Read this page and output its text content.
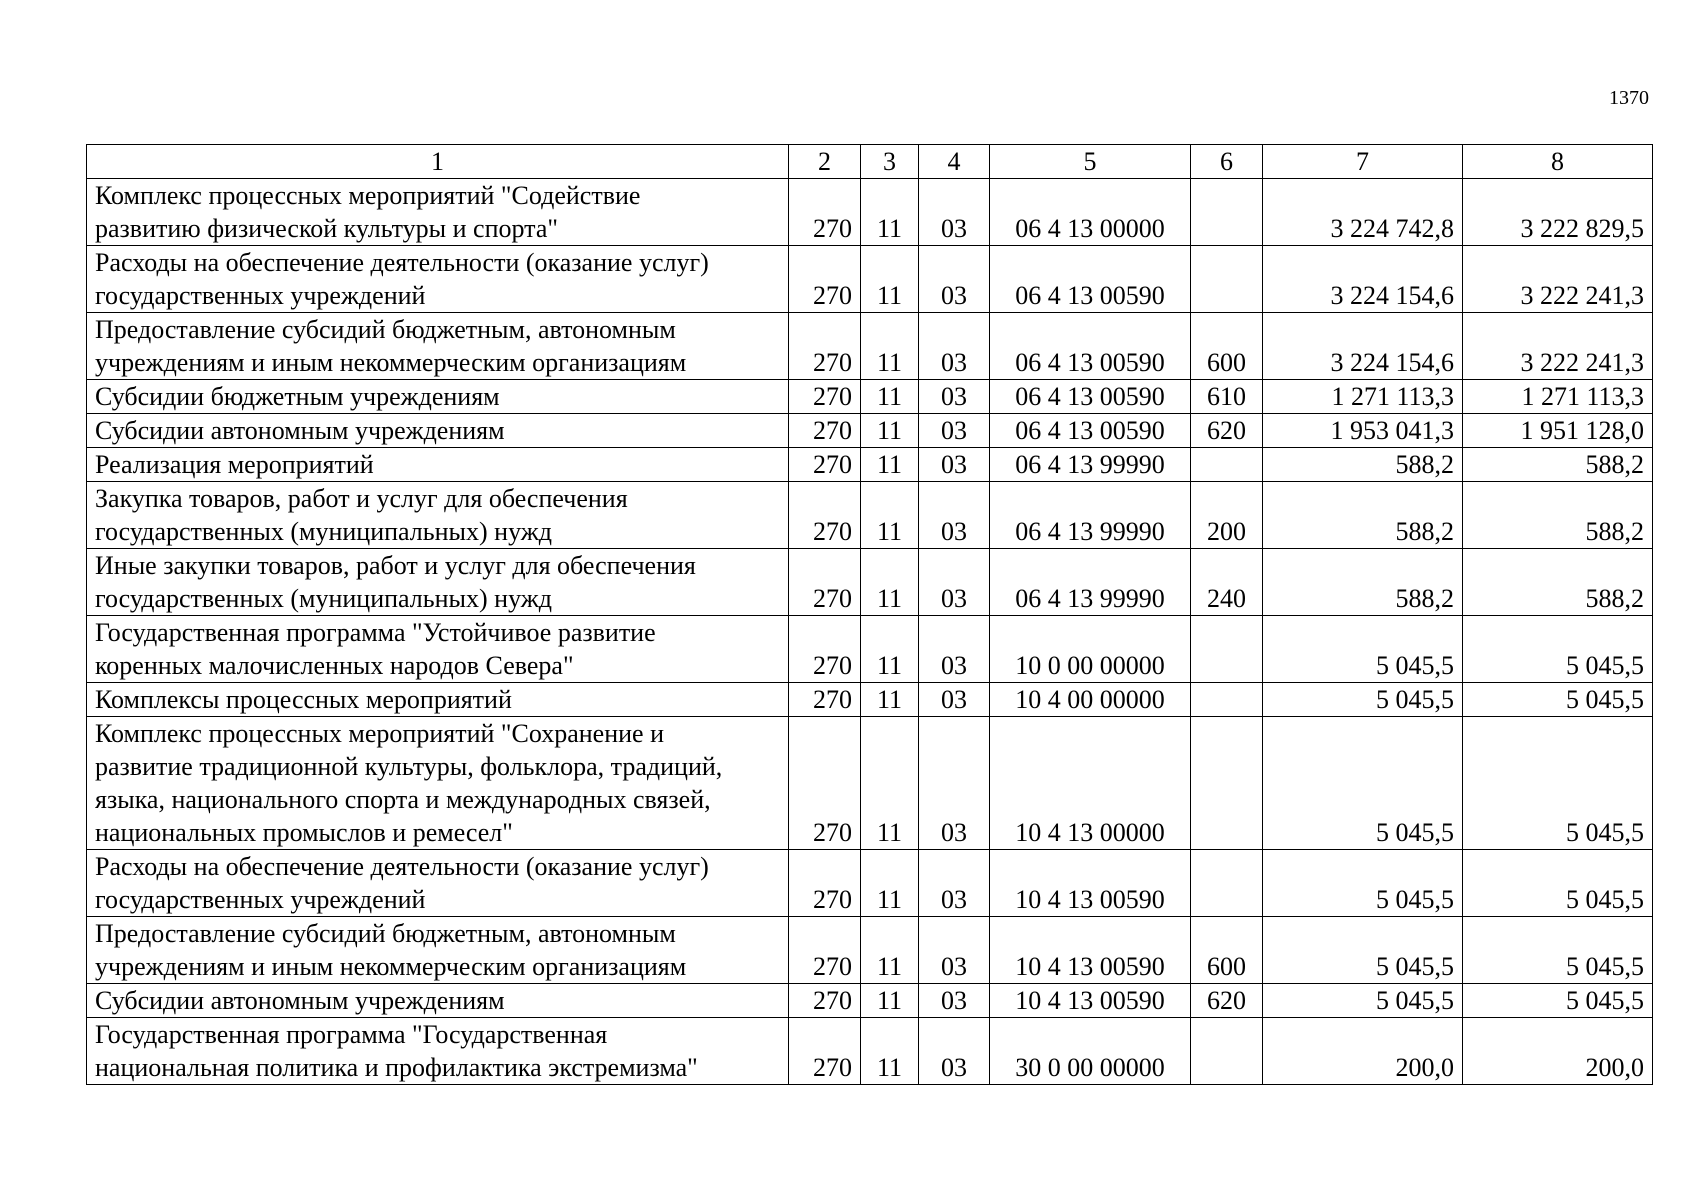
1370
1	2	3	4	5	6	7	8

Комплекс процессных мероприятий "Содействие
развитию физической культуры и спорта"	270	11	03	06 4 13 00000		3 224 742,8	3 222 829,5

Расходы на обеспечение деятельности (оказание услуг)
государственных учреждений	270	11	03	06 4 13 00590		3 224 154,6	3 222 241,3

Предоставление субсидий бюджетным, автономным
учреждениям и иным некоммерческим организациям	270	11	03	06 4 13 00590	600	3 224 154,6	3 222 241,3

Субсидии бюджетным учреждениям	270	11	03	06 4 13 00590	610	1 271 113,3	1 271 113,3

Субсидии автономным учреждениям	270	11	03	06 4 13 00590	620	1 953 041,3	1 951 128,0

Реализация мероприятий	270	11	03	06 4 13 99990		588,2	588,2

Закупка товаров, работ и услуг для обеспечения
государственных (муниципальных) нужд	270	11	03	06 4 13 99990	200	588,2	588,2

Иные закупки товаров, работ и услуг для обеспечения
государственных (муниципальных) нужд	270	11	03	06 4 13 99990	240	588,2	588,2

Государственная программа "Устойчивое развитие
коренных малочисленных народов Севера"	270	11	03	10 0 00 00000		5 045,5	5 045,5

Комплексы процессных мероприятий	270	11	03	10 4 00 00000		5 045,5	5 045,5

Комплекс процессных мероприятий "Сохранение и
развитие традиционной культуры, фольклора, традиций,
языка, национального спорта и международных связей,
национальных промыслов и ремесел"	270	11	03	10 4 13 00000		5 045,5	5 045,5

Расходы на обеспечение деятельности (оказание услуг)
государственных учреждений	270	11	03	10 4 13 00590		5 045,5	5 045,5

Предоставление субсидий бюджетным, автономным
учреждениям и иным некоммерческим организациям	270	11	03	10 4 13 00590	600	5 045,5	5 045,5

Субсидии автономным учреждениям	270	11	03	10 4 13 00590	620	5 045,5	5 045,5

Государственная программа "Государственная
национальная политика и профилактика экстремизма"	270	11	03	30 0 00 00000		200,0	200,0
